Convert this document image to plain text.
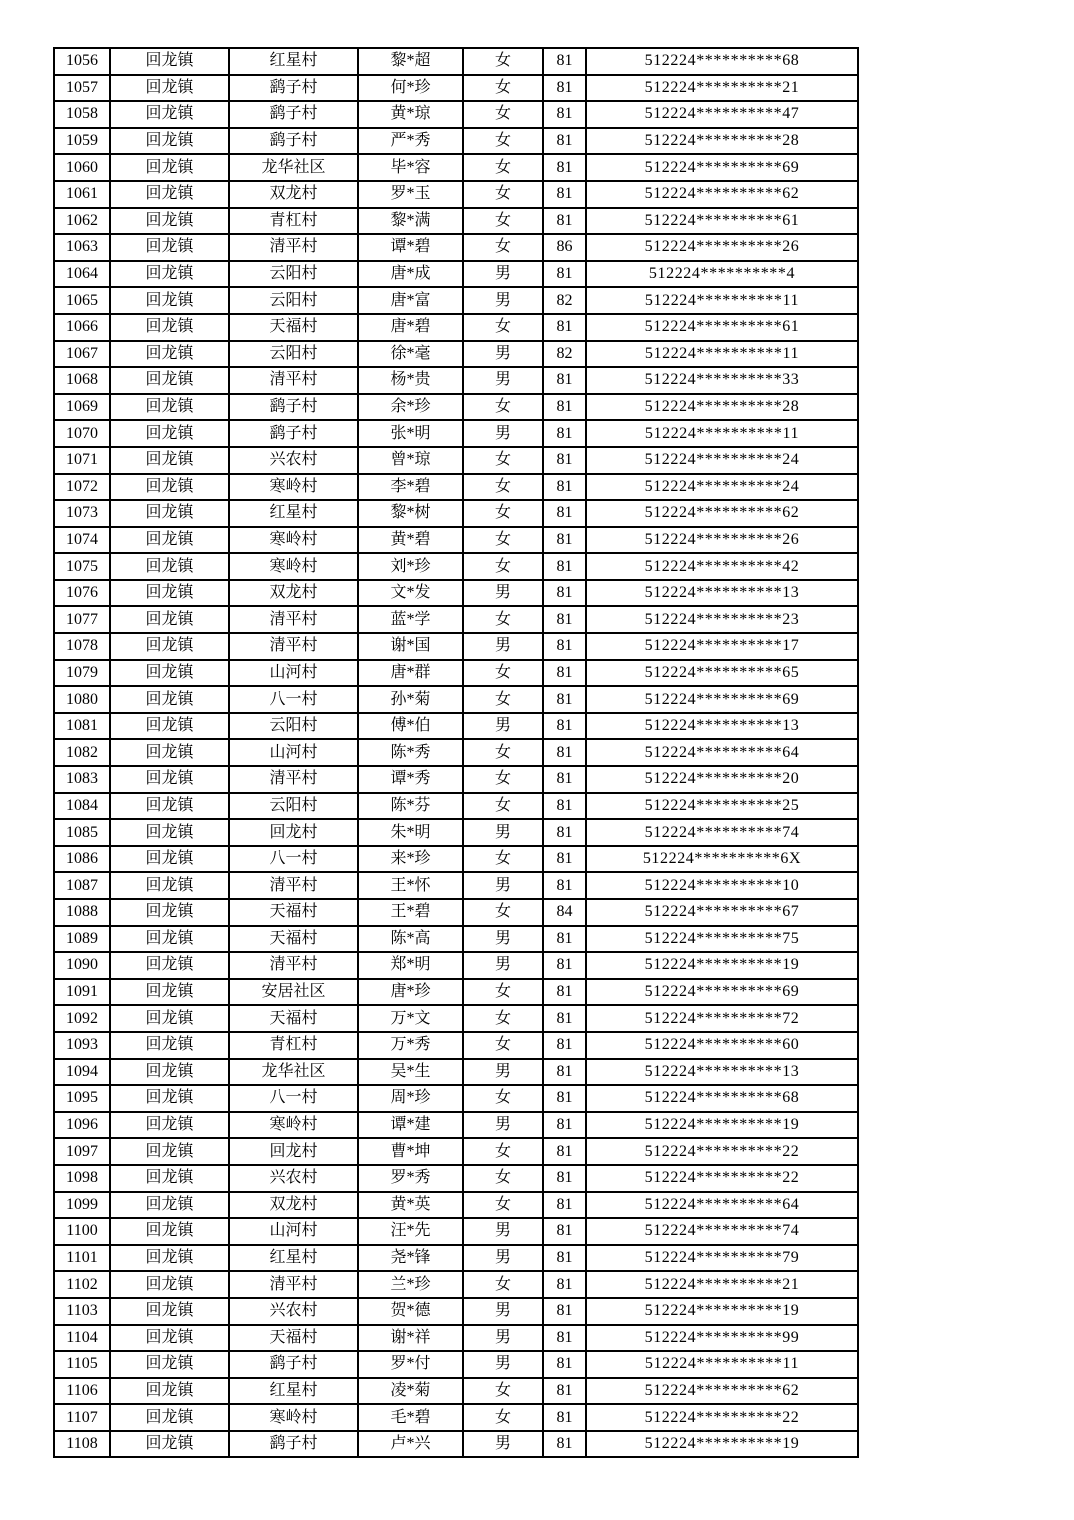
1056	回龙镇	红星村	黎*超	女	81	512224**********68
1057	回龙镇	鹞子村	何*珍	女	81	512224**********21
1058	回龙镇	鹞子村	黄*琼	女	81	512224**********47
1059	回龙镇	鹞子村	严*秀	女	81	512224**********28
1060	回龙镇	龙华社区	毕*容	女	81	512224**********69
1061	回龙镇	双龙村	罗*玉	女	81	512224**********62
1062	回龙镇	青杠村	黎*满	女	81	512224**********61
1063	回龙镇	清平村	谭*碧	女	86	512224**********26
1064	回龙镇	云阳村	唐*成	男	81	512224**********4
1065	回龙镇	云阳村	唐*富	男	82	512224**********11
1066	回龙镇	天福村	唐*碧	女	81	512224**********61
1067	回龙镇	云阳村	徐*毫	男	82	512224**********11
1068	回龙镇	清平村	杨*贵	男	81	512224**********33
1069	回龙镇	鹞子村	余*珍	女	81	512224**********28
1070	回龙镇	鹞子村	张*明	男	81	512224**********11
1071	回龙镇	兴农村	曾*琼	女	81	512224**********24
1072	回龙镇	寒岭村	李*碧	女	81	512224**********24
1073	回龙镇	红星村	黎*树	女	81	512224**********62
1074	回龙镇	寒岭村	黄*碧	女	81	512224**********26
1075	回龙镇	寒岭村	刘*珍	女	81	512224**********42
1076	回龙镇	双龙村	文*发	男	81	512224**********13
1077	回龙镇	清平村	蓝*学	女	81	512224**********23
1078	回龙镇	清平村	谢*国	男	81	512224**********17
1079	回龙镇	山河村	唐*群	女	81	512224**********65
1080	回龙镇	八一村	孙*菊	女	81	512224**********69
1081	回龙镇	云阳村	傅*伯	男	81	512224**********13
1082	回龙镇	山河村	陈*秀	女	81	512224**********64
1083	回龙镇	清平村	谭*秀	女	81	512224**********20
1084	回龙镇	云阳村	陈*芬	女	81	512224**********25
1085	回龙镇	回龙村	朱*明	男	81	512224**********74
1086	回龙镇	八一村	来*珍	女	81	512224**********6X
1087	回龙镇	清平村	王*怀	男	81	512224**********10
1088	回龙镇	天福村	王*碧	女	84	512224**********67
1089	回龙镇	天福村	陈*高	男	81	512224**********75
1090	回龙镇	清平村	郑*明	男	81	512224**********19
1091	回龙镇	安居社区	唐*珍	女	81	512224**********69
1092	回龙镇	天福村	万*文	女	81	512224**********72
1093	回龙镇	青杠村	万*秀	女	81	512224**********60
1094	回龙镇	龙华社区	吴*生	男	81	512224**********13
1095	回龙镇	八一村	周*珍	女	81	512224**********68
1096	回龙镇	寒岭村	谭*建	男	81	512224**********19
1097	回龙镇	回龙村	曹*坤	女	81	512224**********22
1098	回龙镇	兴农村	罗*秀	女	81	512224**********22
1099	回龙镇	双龙村	黄*英	女	81	512224**********64
1100	回龙镇	山河村	汪*先	男	81	512224**********74
1101	回龙镇	红星村	尧*锋	男	81	512224**********79
1102	回龙镇	清平村	兰*珍	女	81	512224**********21
1103	回龙镇	兴农村	贺*德	男	81	512224**********19
1104	回龙镇	天福村	谢*祥	男	81	512224**********99
1105	回龙镇	鹞子村	罗*付	男	81	512224**********11
1106	回龙镇	红星村	凌*菊	女	81	512224**********62
1107	回龙镇	寒岭村	毛*碧	女	81	512224**********22
1108	回龙镇	鹞子村	卢*兴	男	81	512224**********19
